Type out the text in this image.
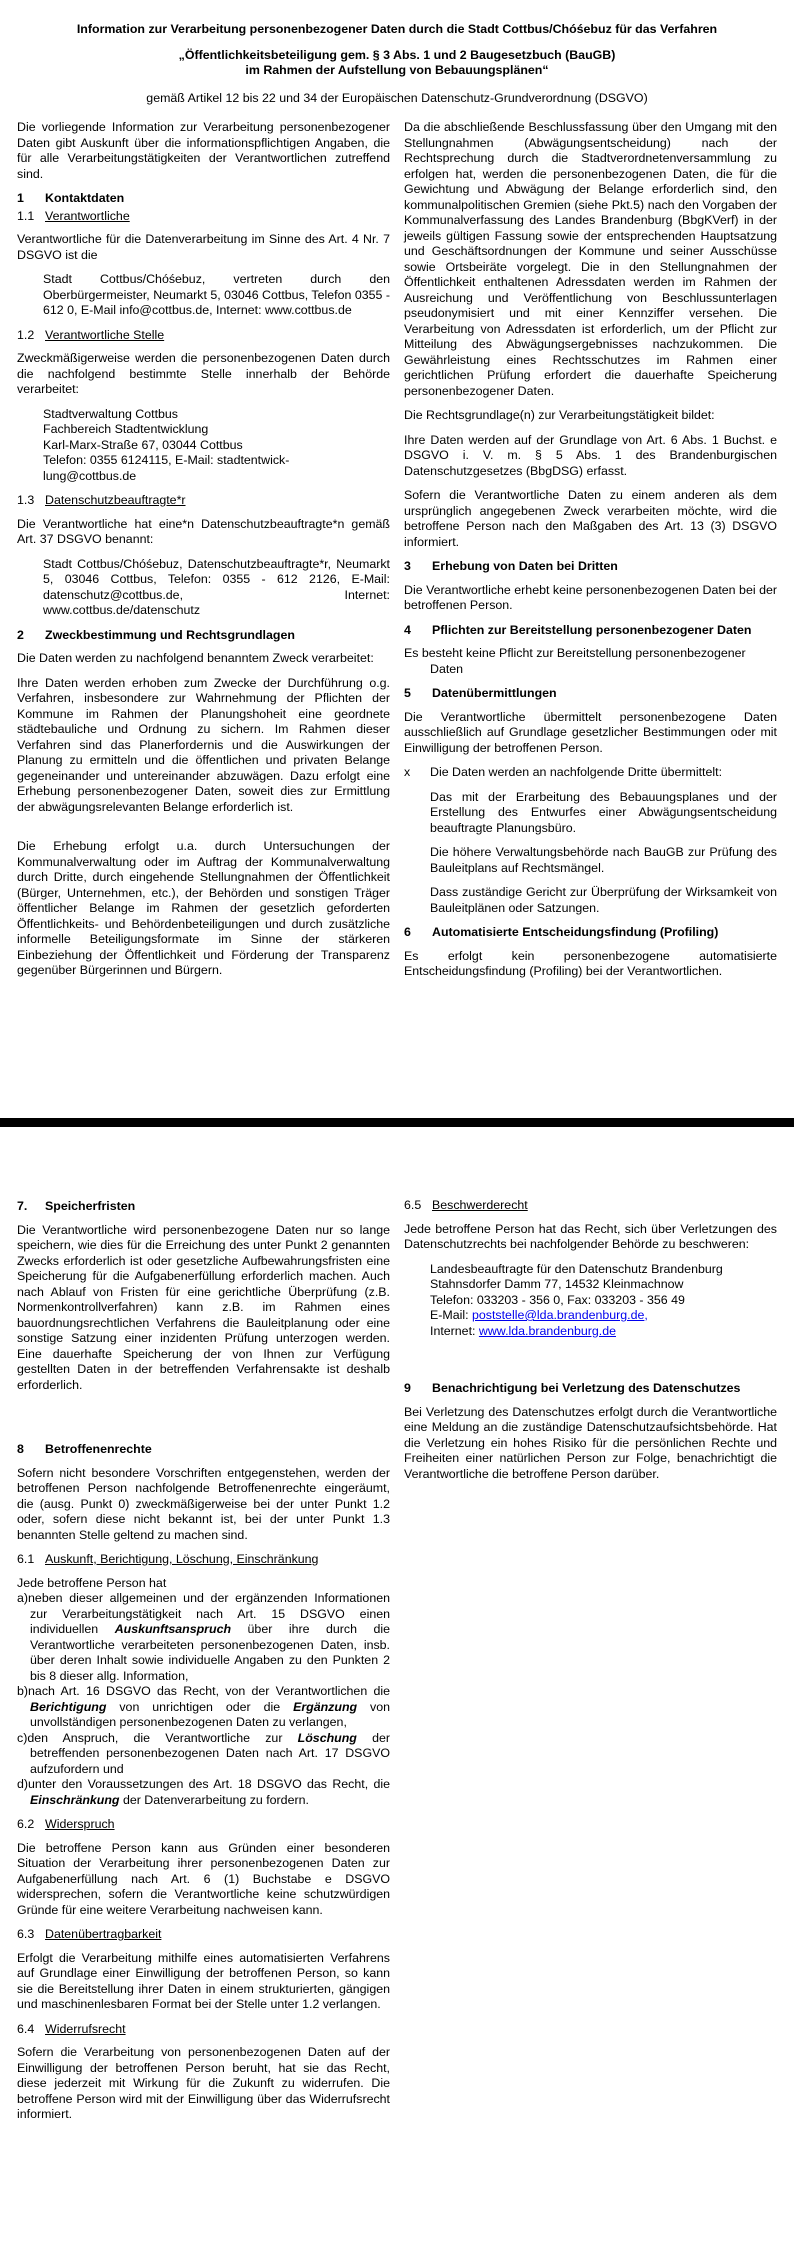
Information zur Verarbeitung personenbezogener Daten durch die Stadt Cottbus/Chóśebuz für das Verfahren
„Öffentlichkeitsbeteiligung gem. § 3 Abs. 1 und 2 Baugesetzbuch (BauGB)
im Rahmen der Aufstellung von Bebauungsplänen“
gemäß Artikel 12 bis 22 und 34 der Europäischen Datenschutz-Grundverordnung (DSGVO)

Die vorliegende Information zur Verarbeitung personenbezogener Daten gibt Auskunft über die informationspflichtigen Angaben, die für alle Verarbeitungstätigkeiten der Verantwortlichen zutreffend sind.

1	Kontaktdaten
1.1 Verantwortliche

Verantwortliche für die Datenverarbeitung im Sinne des Art. 4 Nr. 7 DSGVO ist die

Stadt Cottbus/Chóśebuz, vertreten durch den Oberbürgermeister, Neumarkt 5, 03046 Cottbus, Telefon 0355 - 612 0, E-Mail info@cottbus.de, Internet: www.cottbus.de
1.2 Verantwortliche Stelle

Zweckmäßigerweise werden die personenbezogenen Daten durch die nachfolgend bestimmte Stelle innerhalb der Behörde verarbeitet:

Stadtverwaltung Cottbus
Fachbereich Stadtentwicklung
Karl-Marx-Straße 67, 03044 Cottbus
Telefon: 0355 6124115, E-Mail: stadtentwick-
lung@cottbus.de
1.3 Datenschutzbeauftragte*r

Die Verantwortliche hat eine*n Datenschutzbeauftragte*n gemäß Art. 37 DSGVO benannt:

Stadt Cottbus/Chóśebuz, Datenschutzbeauftragte*r, Neumarkt 5, 03046 Cottbus, Telefon: 0355 - 612 2126, E-Mail: datenschutz@cottbus.de, Internet: www.cottbus.de/datenschutz
2	Zweckbestimmung und Rechtsgrundlagen

Die Daten werden zu nachfolgend benanntem Zweck verarbeitet:

Ihre Daten werden erhoben zum Zwecke der Durchführung o.g. Verfahren, insbesondere zur Wahrnehmung der Pflichten der Kommune im Rahmen der Planungshoheit eine geordnete städtebauliche und Ordnung zu sichern. Im Rahmen dieser Verfahren sind das Planerfordernis und die Auswirkungen der Planung zu ermitteln und die öffentlichen und privaten Belange gegeneinander und untereinander abzuwägen. Dazu erfolgt eine Erhebung personenbezogener Daten, soweit dies zur Ermittlung der abwägungsrelevanten Belange erforderlich ist.

Die Erhebung erfolgt u.a. durch Untersuchungen der Kommunalverwaltung oder im Auftrag der Kommunalverwaltung durch Dritte, durch eingehende Stellungnahmen der Öffentlichkeit (Bürger, Unternehmen, etc.), der Behörden und sonstigen Träger öffentlicher Belange im Rahmen der gesetzlich geforderten Öffentlichkeits- und Behördenbeteiligungen und durch zusätzliche informelle Beteiligungsformate im Sinne der stärkeren Einbeziehung der Öffentlichkeit und Förderung der Transparenz gegenüber Bürgerinnen und Bürgern.

Da die abschließende Beschlussfassung über den Umgang mit den Stellungnahmen (Abwägungsentscheidung) nach der Rechtsprechung durch die Stadtverordnetenversammlung zu erfolgen hat, werden die personenbezogenen Daten, die für die Gewichtung und Abwägung der Belange erforderlich sind, den kommunalpolitischen Gremien (siehe Pkt.5) nach den Vorgaben der Kommunalverfassung des Landes Brandenburg (BbgKVerf) in der jeweils gültigen Fassung sowie der entsprechenden Hauptsatzung und Geschäftsordnungen der Kommune und seiner Ausschüsse sowie Ortsbeiräte vorgelegt. Die in den Stellungnahmen der Öffentlichkeit enthaltenen Adressdaten werden im Rahmen der Ausreichung und Veröffentlichung von Beschlussunterlagen pseudonymisiert und mit einer Kennziffer versehen. Die Verarbeitung von Adressdaten ist erforderlich, um der Pflicht zur Mitteilung des Abwägungsergebnisses nachzukommen. Die Gewährleistung eines Rechtsschutzes im Rahmen einer gerichtlichen Prüfung erfordert die dauerhafte Speicherung personenbezogener Daten.

Die Rechtsgrundlage(n) zur Verarbeitungstätigkeit bildet:

Ihre Daten werden auf der Grundlage von Art. 6 Abs. 1 Buchst. e DSGVO i. V. m. § 5 Abs. 1 des Brandenburgischen Datenschutzgesetzes (BbgDSG) erfasst.

Sofern die Verantwortliche Daten zu einem anderen als dem ursprünglich angegebenen Zweck verarbeiten möchte, wird die betroffene Person nach den Maßgaben des Art. 13 (3) DSGVO informiert.

3	Erhebung von Daten bei Dritten

Die Verantwortliche erhebt keine personenbezogenen Daten bei der betroffenen Person.

4	Pflichten zur Bereitstellung personenbezogener Daten

Es besteht keine Pflicht zur Bereitstellung personenbezogener Daten

5	Datenübermittlungen

Die Verantwortliche übermittelt personenbezogene Daten ausschließlich auf Grundlage gesetzlicher Bestimmungen oder mit Einwilligung der betroffenen Person.

x	Die Daten werden an nachfolgende Dritte übermittelt:
Das mit der Erarbeitung des Bebauungsplanes und der Erstellung des Entwurfes einer Abwägungsentscheidung beauftragte Planungsbüro.
Die höhere Verwaltungsbehörde nach BauGB zur Prüfung des Bauleitplans auf Rechtsmängel.
Dass zuständige Gericht zur Überprüfung der Wirksamkeit von Bauleitplänen oder Satzungen.
6	Automatisierte Entscheidungsfindung (Profiling)

Es erfolgt kein personenbezogene automatisierte Entscheidungsfindung (Profiling) bei der Verantwortlichen.

7.	Speicherfristen

Die Verantwortliche wird personenbezogene Daten nur so lange speichern, wie dies für die Erreichung des unter Punkt 2 genannten Zwecks erforderlich ist oder gesetzliche Aufbewahrungsfristen eine Speicherung für die Aufgabenerfüllung erforderlich machen. Auch nach Ablauf von Fristen für eine gerichtliche Überprüfung (z.B. Normenkontrollverfahren) kann z.B. im Rahmen eines bauordnungsrechtlichen Verfahrens die Bauleitplanung oder eine sonstige Satzung einer inzidenten Prüfung unterzogen werden. Eine dauerhafte Speicherung der von Ihnen zur Verfügung gestellten Daten in der betreffenden Verfahrensakte ist deshalb erforderlich.

8	Betroffenenrechte

Sofern nicht besondere Vorschriften entgegenstehen, werden der betroffenen Person nachfolgende Betroffenenrechte eingeräumt, die (ausg. Punkt 0) zweckmäßigerweise bei der unter Punkt 1.2 oder, sofern diese nicht bekannt ist, bei der unter Punkt 1.3 benannten Stelle geltend zu machen sind.

6.1 Auskunft, Berichtigung, Löschung, Einschränkung

Jede betroffene Person hat

a)neben dieser allgemeinen und der ergänzenden Informationen zur Verarbeitungstätigkeit nach Art. 15 DSGVO einen individuellen Auskunftsanspruch über ihre durch die Verantwortliche verarbeiteten personenbezogenen Daten, insb. über deren Inhalt sowie individuelle Angaben zu den Punkten 2 bis 8 dieser allg. Information,
b)nach Art. 16 DSGVO das Recht, von der Verantwortlichen die Berichtigung von unrichtigen oder die Ergänzung von unvollständigen personenbezogenen Daten zu verlangen,
c)den Anspruch, die Verantwortliche zur Löschung der betreffenden personenbezogenen Daten nach Art. 17 DSGVO aufzufordern und
d)unter den Voraussetzungen des Art. 18 DSGVO das Recht, die Einschränkung der Datenverarbeitung zu fordern.
6.2 Widerspruch

Die betroffene Person kann aus Gründen einer besonderen Situation der Verarbeitung ihrer personenbezogenen Daten zur Aufgabenerfüllung nach Art. 6 (1) Buchstabe e DSGVO widersprechen, sofern die Verantwortliche keine schutzwürdigen Gründe für eine weitere Verarbeitung nachweisen kann.

6.3 Datenübertragbarkeit

Erfolgt die Verarbeitung mithilfe eines automatisierten Verfahrens auf Grundlage einer Einwilligung der betroffenen Person, so kann sie die Bereitstellung ihrer Daten in einem strukturierten, gängigen und maschinenlesbaren Format bei der Stelle unter 1.2 verlangen.

6.4 Widerrufsrecht

Sofern die Verarbeitung von personenbezogenen Daten auf der Einwilligung der betroffenen Person beruht, hat sie das Recht, diese jederzeit mit Wirkung für die Zukunft zu widerrufen. Die betroffene Person wird mit der Einwilligung über das Widerrufsrecht informiert.

6.5 Beschwerderecht

Jede betroffene Person hat das Recht, sich über Verletzungen des Datenschutzrechts bei nachfolgender Behörde zu beschweren:

Landesbeauftragte für den Datenschutz Brandenburg
Stahnsdorfer Damm 77, 14532 Kleinmachnow
Telefon: 033203 - 356 0, Fax: 033203 - 356 49
E-Mail: poststelle@lda.brandenburg.de,
Internet: www.lda.brandenburg.de
9	Benachrichtigung bei Verletzung des Datenschutzes

Bei Verletzung des Datenschutzes erfolgt durch die Verantwortliche eine Meldung an die zuständige Datenschutzaufsichtsbehörde. Hat die Verletzung ein hohes Risiko für die persönlichen Rechte und Freiheiten einer natürlichen Person zur Folge, benachrichtigt die Verantwortliche die betroffene Person darüber.
